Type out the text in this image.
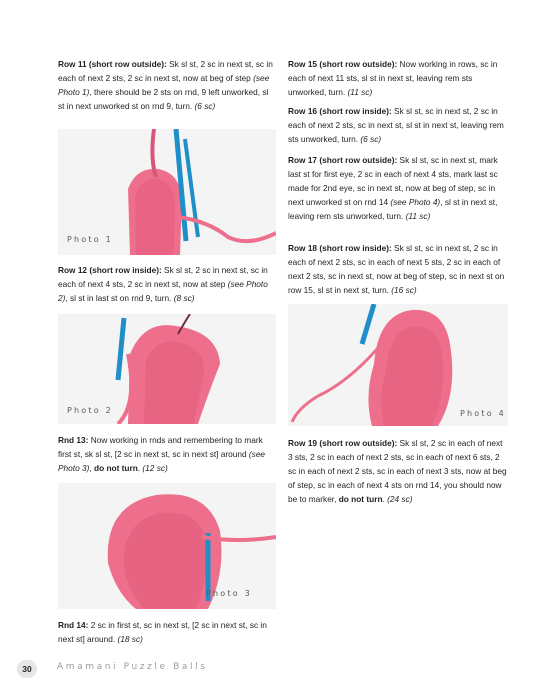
Row 11 (short row outside): Sk sl st, 2 sc in next st, sc in each of next 2 sts, 2 sc in next st, now at beg of step (see Photo 1), there should be 2 sts on rnd, 9 left unworked, sl st in next unworked st on rnd 9, turn. (6 sc)

Photo 1

Row 12 (short row inside): Sk sl st, 2 sc in next st, sc in each of next 4 sts, 2 sc in next st, now at step (see Photo 2), sl st in last st on rnd 9, turn. (8 sc)

Photo 2

Rnd 13: Now working in rnds and remembering to mark first st, sk sl st, [2 sc in next st, sc in next st] around (see Photo 3), do not turn. (12 sc)

Photo 3

Rnd 14: 2 sc in first st, sc in next st, [2 sc in next st, sc in next st] around. (18 sc)

Row 15 (short row outside): Now working in rows, sc in each of next 11 sts, sl st in next st, leaving rem sts unworked, turn. (11 sc)

Row 16 (short row inside): Sk sl st, sc in next st, 2 sc in each of next 2 sts, sc in next st, sl st in next st, leaving rem sts unworked, turn. (6 sc)

Row 17 (short row outside): Sk sl st, sc in next st, mark last st for first eye, 2 sc in each of next 4 sts, mark last sc made for 2nd eye, sc in next st, now at beg of step, sc in next unworked st on rnd 14 (see Photo 4), sl st in next st, leaving rem sts unworked, turn. (11 sc)

Row 18 (short row inside): Sk sl st, sc in next st, 2 sc in each of next 2 sts, sc in each of next 5 sts, 2 sc in each of next 2 sts, sc in next st, now at beg of step, sc in next st on row 15, sl st in next st, turn. (16 sc)

Photo 4

Row 19 (short row outside): Sk sl st, 2 sc in each of next 3 sts, 2 sc in each of next 2 sts, sc in each of next 6 sts, 2 sc in each of next 2 sts, sc in each of next 3 sts, now at beg of step, sc in each of next 4 sts on rnd 14, you should now be to marker, do not turn. (24 sc)

30	Amamani Puzzle Balls
